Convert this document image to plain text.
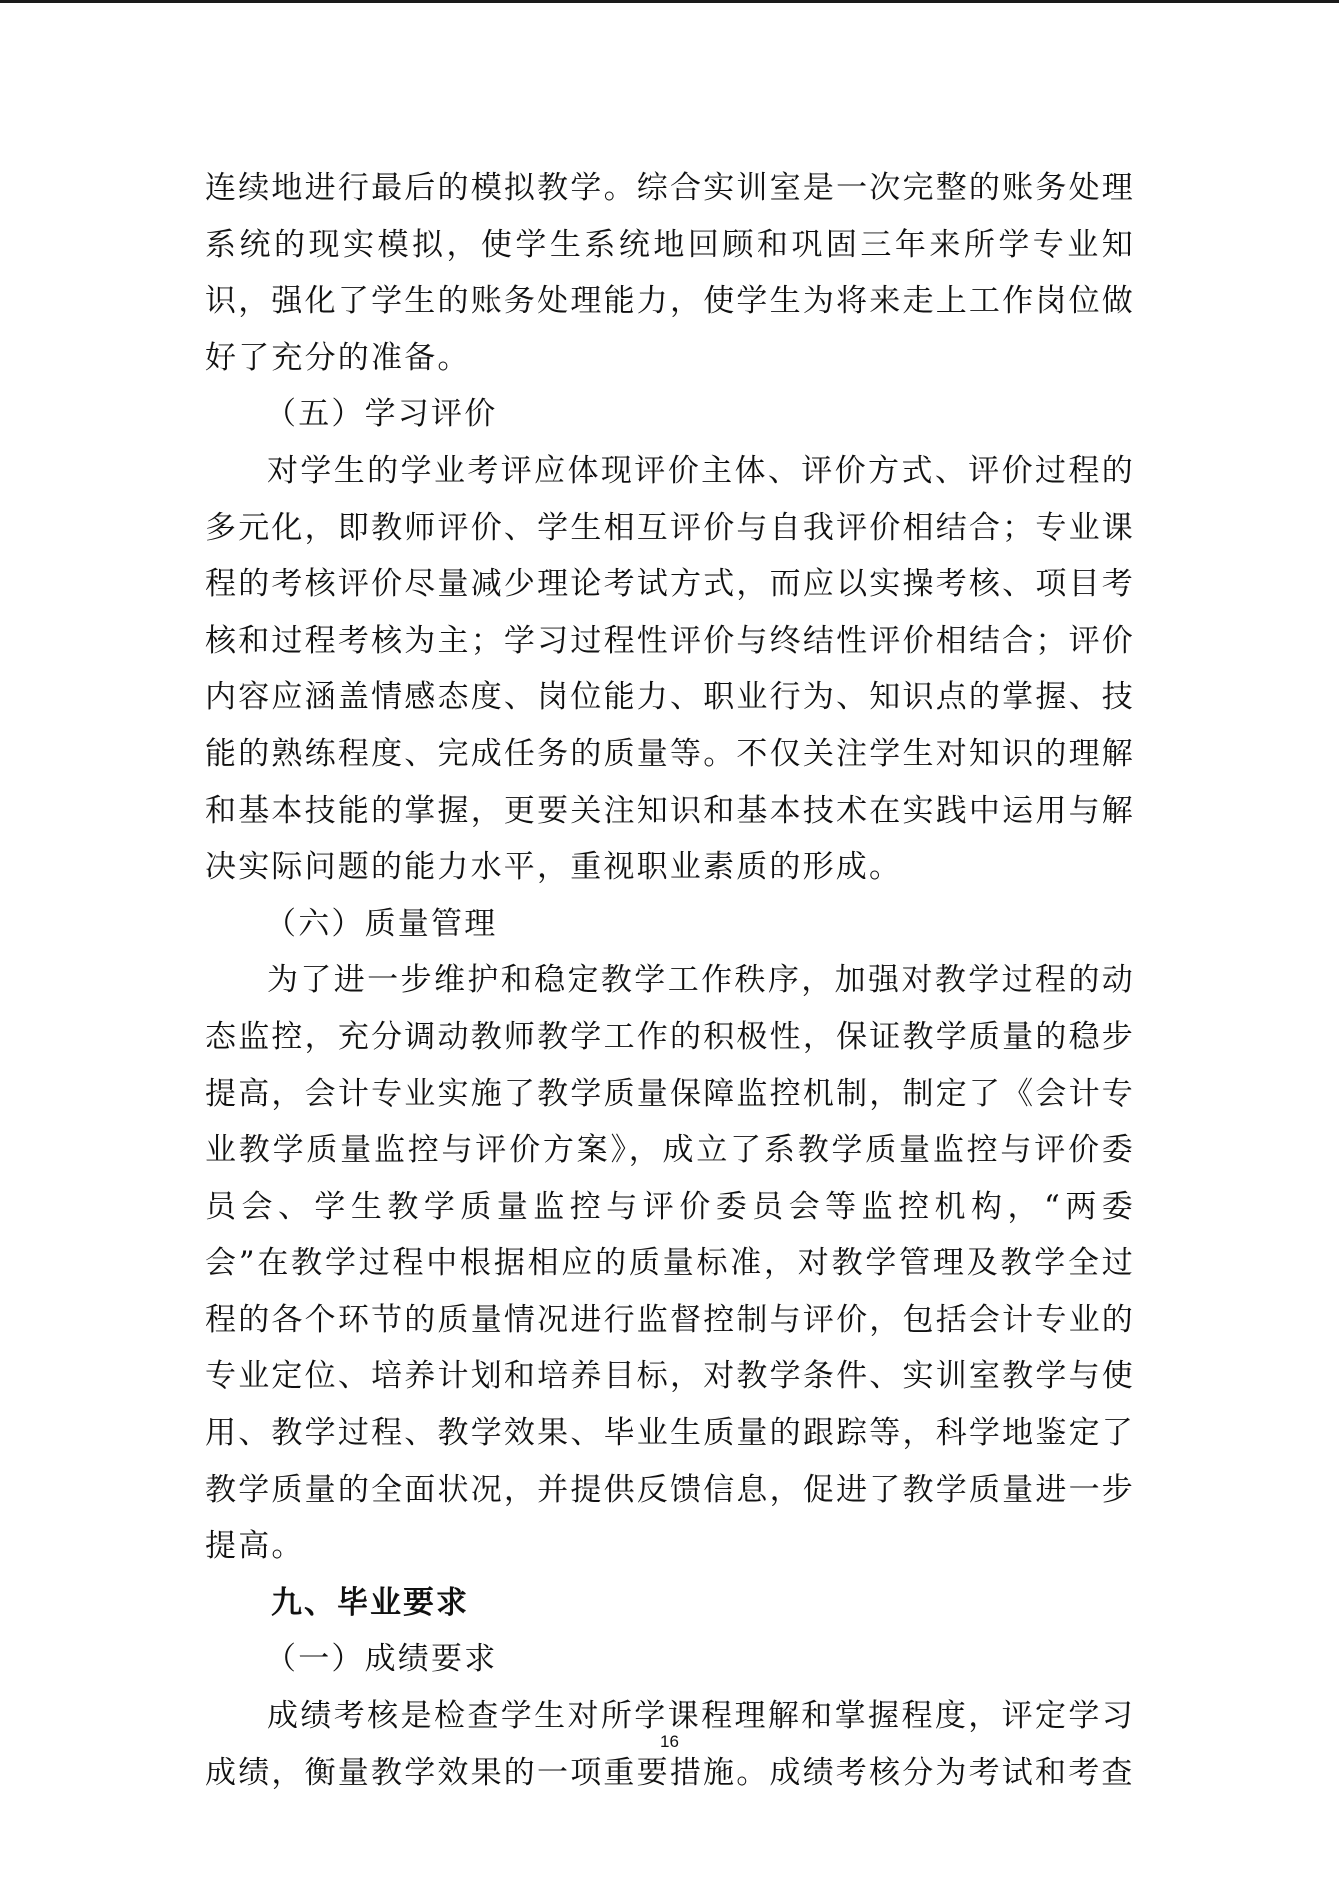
连续地进行最后的模拟教学。综合实训室是一次完整的账务处理系统的现实模拟，使学生系统地回顾和巩固三年来所学专业知识，强化了学生的账务处理能力，使学生为将来走上工作岗位做好了充分的准备。

（五）学习评价

对学生的学业考评应体现评价主体、评价方式、评价过程的多元化，即教师评价、学生相互评价与自我评价相结合；专业课程的考核评价尽量减少理论考试方式，而应以实操考核、项目考核和过程考核为主；学习过程性评价与终结性评价相结合；评价内容应涵盖情感态度、岗位能力、职业行为、知识点的掌握、技能的熟练程度、完成任务的质量等。不仅关注学生对知识的理解和基本技能的掌握，更要关注知识和基本技术在实践中运用与解决实际问题的能力水平，重视职业素质的形成。

（六）质量管理

为了进一步维护和稳定教学工作秩序，加强对教学过程的动态监控，充分调动教师教学工作的积极性，保证教学质量的稳步提高，会计专业实施了教学质量保障监控机制，制定了《会计专业教学质量监控与评价方案》，成立了系教学质量监控与评价委员会、学生教学质量监控与评价委员会等监控机构，“两委会”在教学过程中根据相应的质量标准，对教学管理及教学全过程的各个环节的质量情况进行监督控制与评价，包括会计专业的专业定位、培养计划和培养目标，对教学条件、实训室教学与使用、教学过程、教学效果、毕业生质量的跟踪等，科学地鉴定了教学质量的全面状况，并提供反馈信息，促进了教学质量进一步提高。

九、毕业要求

（一）成绩要求

成绩考核是检查学生对所学课程理解和掌握程度，评定学习成绩，衡量教学效果的一项重要措施。成绩考核分为考试和考查

16
